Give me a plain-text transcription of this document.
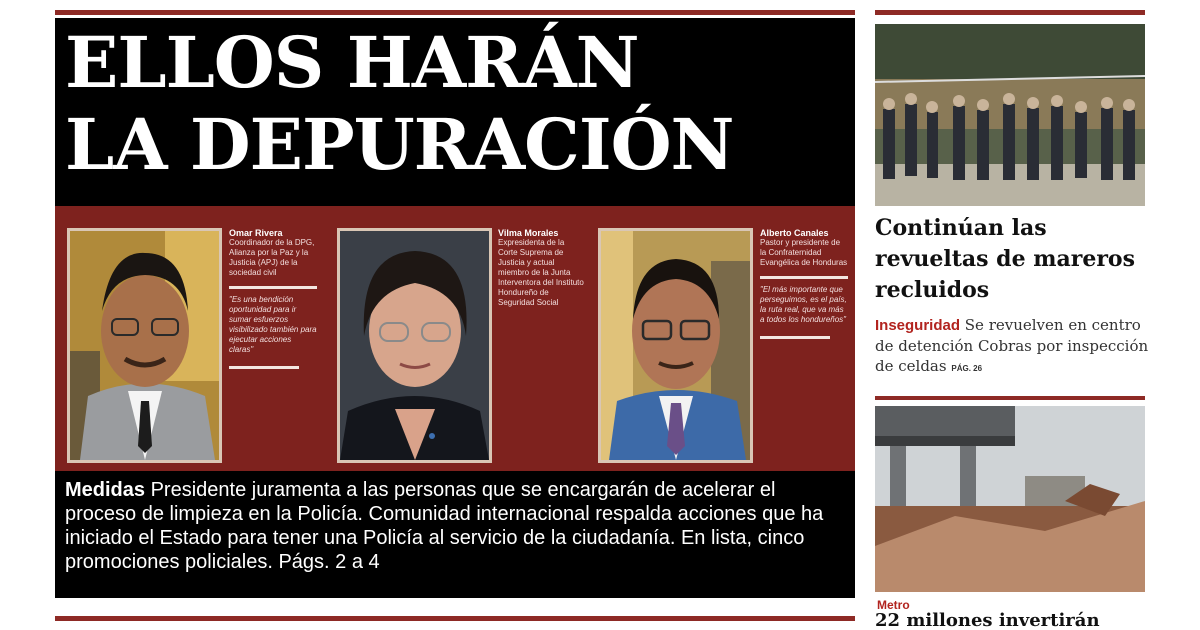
ELLOS HARÁN
LA DEPURACIÓN
Omar Rivera
Coordinador de la DPG, Alianza por la Paz y la Justicia (APJ) de la sociedad civil
"Es una bendición oportunidad para ir sumar esfuerzos visibilizado también para ejecutar acciones claras"
Vilma Morales
Expresidenta de la Corte Suprema de Justicia y actual miembro de la Junta Interventora del Instituto Hondureño de Seguridad Social
Alberto Canales
Pastor y presidente de la Confraternidad Evangélica de Honduras
"El más importante que perseguimos, es el país, la ruta real, que va más a todos los hondureños"
Medidas Presidente juramenta a las personas que se encargarán de acelerar el proceso de limpieza en la Policía. Comunidad internacional respalda acciones que ha iniciado el Estado para tener una Policía al servicio de la ciudadanía. En lista, cinco promociones policiales. Págs. 2 a 4
Continúan las revueltas de mareros recluidos
Inseguridad Se revuelven en centro de detención Cobras por inspección de celdas PÁG. 26
Metro
22 millones invertirán
